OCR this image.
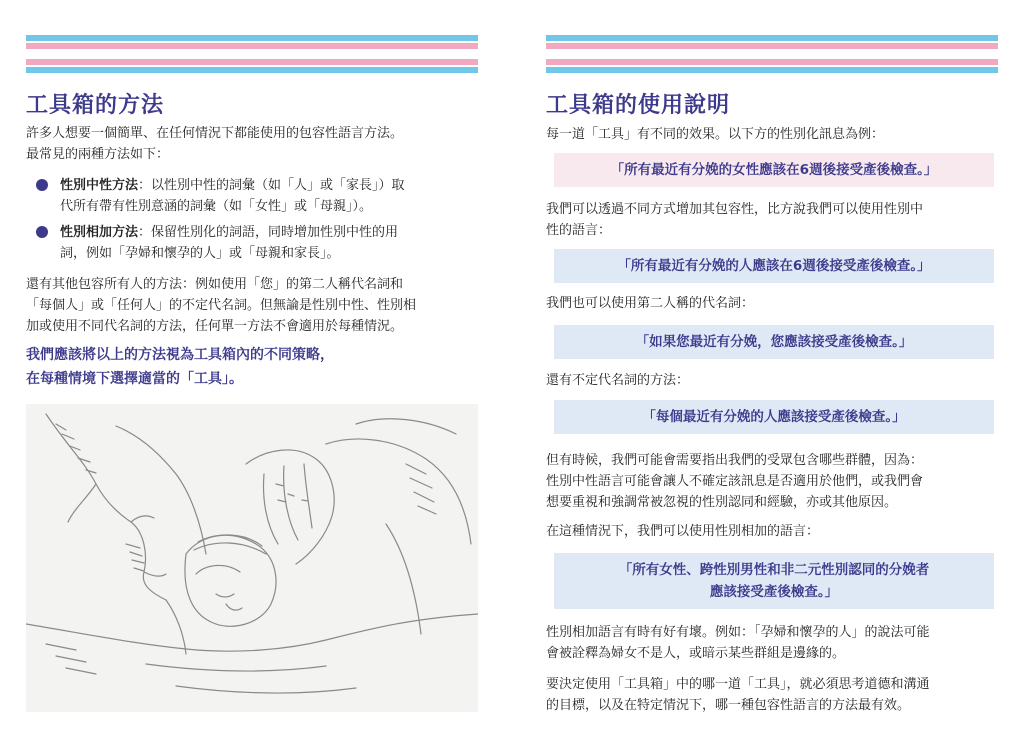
工具箱的方法
許多人想要一個簡單、在任何情況下都能使用的包容性語言方法。
最常見的兩種方法如下：
性別中性方法：以性別中性的詞彙（如「人」或「家長」）取
代所有帶有性別意涵的詞彙（如「女性」或「母親」）。
性別相加方法：保留性別化的詞語，同時增加性別中性的用
詞，例如「孕婦和懷孕的人」或「母親和家長」。
還有其他包容所有人的方法：例如使用「您」的第二人稱代名詞和
「每個人」或「任何人」的不定代名詞。但無論是性別中性、性別相
加或使用不同代名詞的方法，任何單一方法不會適用於每種情況。
我們應該將以上的方法視為工具箱內的不同策略，
在每種情境下選擇適當的「工具」。
工具箱的使用說明
每一道「工具」有不同的效果。以下方的性別化訊息為例：
「所有最近有分娩的女性應該在6週後接受產後檢查。」
我們可以透過不同方式增加其包容性，比方說我們可以使用性別中
性的語言：
「所有最近有分娩的人應該在6週後接受產後檢查。」
我們也可以使用第二人稱的代名詞：
「如果您最近有分娩，您應該接受產後檢查。」
還有不定代名詞的方法：
「每個最近有分娩的人應該接受產後檢查。」
但有時候，我們可能會需要指出我們的受眾包含哪些群體，因為：
性別中性語言可能會讓人不確定該訊息是否適用於他們，或我們會
想要重視和強調常被忽視的性別認同和經驗，亦或其他原因。
在這種情況下，我們可以使用性別相加的語言：
「所有女性、跨性別男性和非二元性別認同的分娩者
應該接受產後檢查。」
性別相加語言有時有好有壞。例如：「孕婦和懷孕的人」的說法可能
會被詮釋為婦女不是人，或暗示某些群組是邊緣的。
要決定使用「工具箱」中的哪一道「工具」，就必須思考道德和溝通
的目標，以及在特定情況下，哪一種包容性語言的方法最有效。
